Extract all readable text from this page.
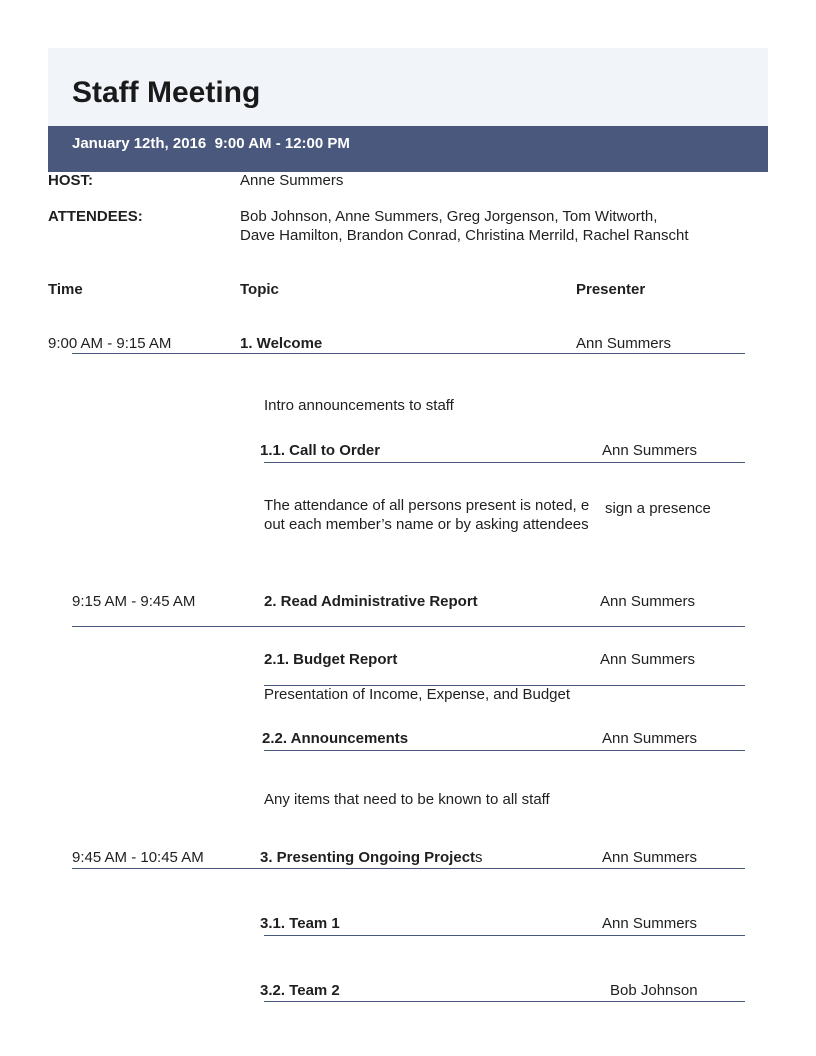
Staff Meeting
January 12th, 2016  9:00 AM - 12:00 PM
HOST:	Anne Summers
ATTENDEES:	Bob Johnson, Anne Summers, Greg Jorgenson, Tom Witworth,
Dave Hamilton, Brandon Conrad, Christina Merrild, Rachel Ranscht
Time	Topic	Presenter
9:00 AM - 9:15 AM	1. Welcome	Ann Summers
Intro announcements to staff
1.1. Call to Order	Ann Summers
The attendance of all persons present is noted, e
out each member’s name or by asking attendees
sign a presence
9:15 AM - 9:45 AM	2. Read Administrative Report	Ann Summers
2.1. Budget Report	Ann Summers
Presentation of Income, Expense, and Budget
2.2. Announcements	Ann Summers
Any items that need to be known to all staff
9:45 AM - 10:45 AM	3. Presenting Ongoing Projects	Ann Summers
3.1. Team 1	Ann Summers
3.2. Team 2	Bob Johnson
